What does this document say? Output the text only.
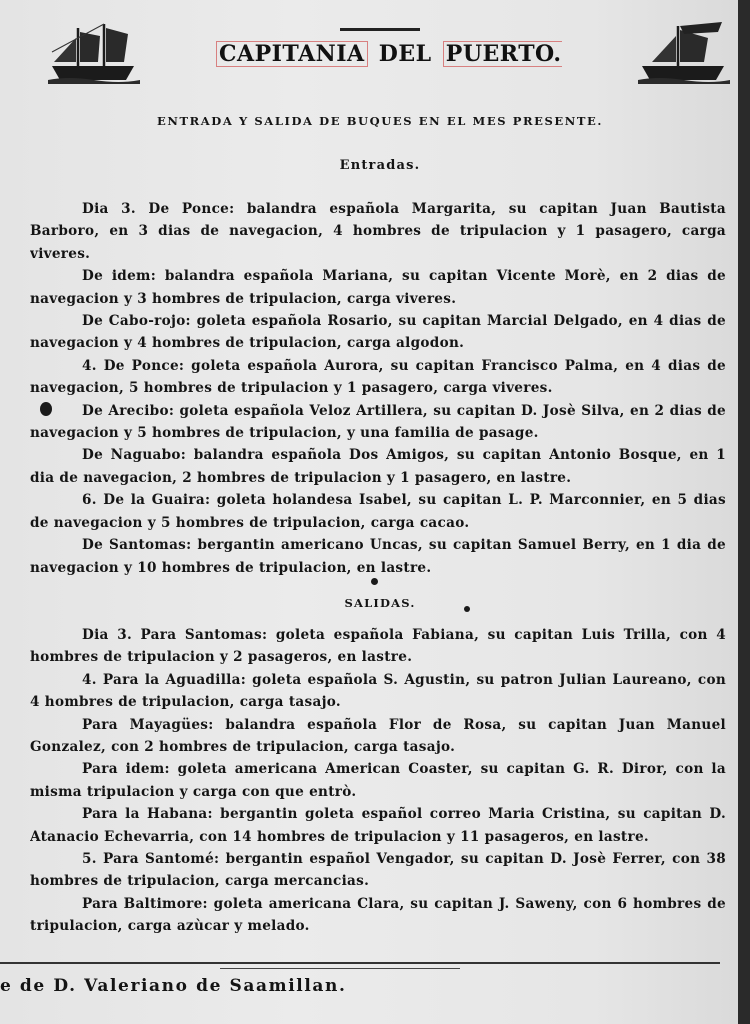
CAPITANIA DEL PUERTO.
ENTRADA Y SALIDA DE BUQUES EN EL MES PRESENTE.
Entradas.

Dia 3. De Ponce: balandra española Margarita, su capitan Juan Bautista Barboro, en 3 dias de navegacion, 4 hombres de tripulacion y 1 pasagero, carga viveres.

De idem: balandra española Mariana, su capitan Vicente Morè, en 2 dias de navegacion y 3 hombres de tripulacion, carga viveres.

De Cabo-rojo: goleta española Rosario, su capitan Marcial Delgado, en 4 dias de navegacion y 4 hombres de tripulacion, carga algodon.

4. De Ponce: goleta española Aurora, su capitan Francisco Palma, en 4 dias de navegacion, 5 hombres de tripulacion y 1 pasagero, carga viveres.

De Arecibo: goleta española Veloz Artillera, su capitan D. Josè Silva, en 2 dias de navegacion y 5 hombres de tripulacion, y una familia de pasage.

De Naguabo: balandra española Dos Amigos, su capitan Antonio Bosque, en 1 dia de navegacion, 2 hombres de tripulacion y 1 pasagero, en lastre.

6. De la Guaira: goleta holandesa Isabel, su capitan L. P. Marconnier, en 5 dias de navegacion y 5 hombres de tripulacion, carga cacao.

De Santomas: bergantin americano Uncas, su capitan Samuel Berry, en 1 dia de navegacion y 10 hombres de tripulacion, en lastre.

SALIDAS.

Dia 3. Para Santomas: goleta española Fabiana, su capitan Luis Trilla, con 4 hombres de tripulacion y 2 pasageros, en lastre.

4. Para la Aguadilla: goleta española S. Agustin, su patron Julian Laureano, con 4 hombres de tripulacion, carga tasajo.

Para Mayagües: balandra española Flor de Rosa, su capitan Juan Manuel Gonzalez, con 2 hombres de tripulacion, carga tasajo.

Para idem: goleta americana American Coaster, su capitan G. R. Diror, con la misma tripulacion y carga con que entrò.

Para la Habana: bergantin goleta español correo Maria Cristina, su capitan D. Atanacio Echevarria, con 14 hombres de tripulacion y 11 pasageros, en lastre.

5. Para Santomé: bergantin español Vengador, su capitan D. Josè Ferrer, con 38 hombres de tripulacion, carga mercancias.

Para Baltimore: goleta americana Clara, su capitan J. Saweny, con 6 hombres de tripulacion, carga azùcar y melado.

e de D. Valeriano de Saamillan.
